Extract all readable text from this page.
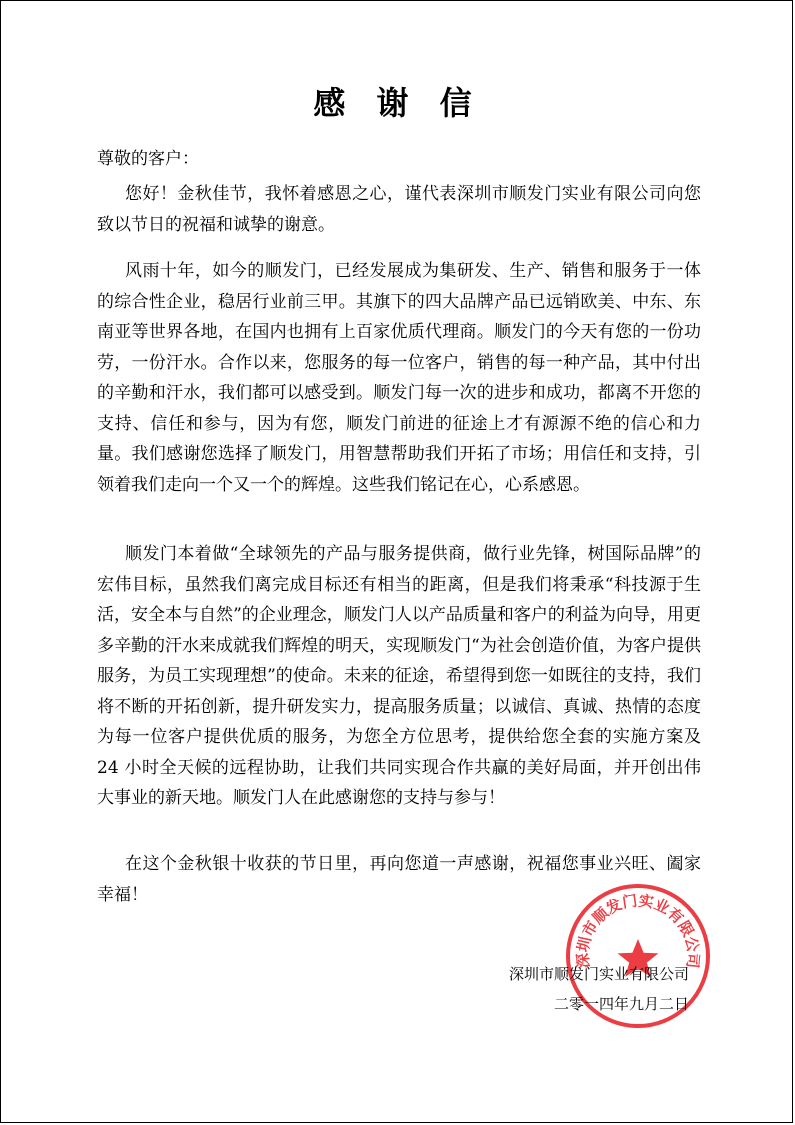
感 谢 信
尊敬的客户：

您好！金秋佳节，我怀着感恩之心，谨代表深圳市顺发门实业有限公司向您致以节日的祝福和诚挚的谢意。

风雨十年，如今的顺发门，已经发展成为集研发、生产、销售和服务于一体的综合性企业，稳居行业前三甲。其旗下的四大品牌产品已远销欧美、中东、东南亚等世界各地，在国内也拥有上百家优质代理商。顺发门的今天有您的一份功劳，一份汗水。合作以来，您服务的每一位客户，销售的每一种产品，其中付出的辛勤和汗水，我们都可以感受到。顺发门每一次的进步和成功，都离不开您的支持、信任和参与，因为有您，顺发门前进的征途上才有源源不绝的信心和力量。我们感谢您选择了顺发门，用智慧帮助我们开拓了市场；用信任和支持，引领着我们走向一个又一个的辉煌。这些我们铭记在心，心系感恩。

顺发门本着做“全球领先的产品与服务提供商，做行业先锋，树国际品牌”的宏伟目标，虽然我们离完成目标还有相当的距离，但是我们将秉承“科技源于生活，安全本与自然”的企业理念，顺发门人以产品质量和客户的利益为向导，用更多辛勤的汗水来成就我们辉煌的明天，实现顺发门“为社会创造价值，为客户提供服务，为员工实现理想”的使命。未来的征途，希望得到您一如既往的支持，我们将不断的开拓创新，提升研发实力，提高服务质量；以诚信、真诚、热情的态度为每一位客户提供优质的服务，为您全方位思考，提供给您全套的实施方案及 24 小时全天候的远程协助，让我们共同实现合作共赢的美好局面，并开创出伟大事业的新天地。顺发门人在此感谢您的支持与参与！

在这个金秋银十收获的节日里，再向您道一声感谢，祝福您事业兴旺、阖家幸福！

深圳市顺发门实业有限公司
二零一四年九月二日
深圳市顺发门实业有限公司
